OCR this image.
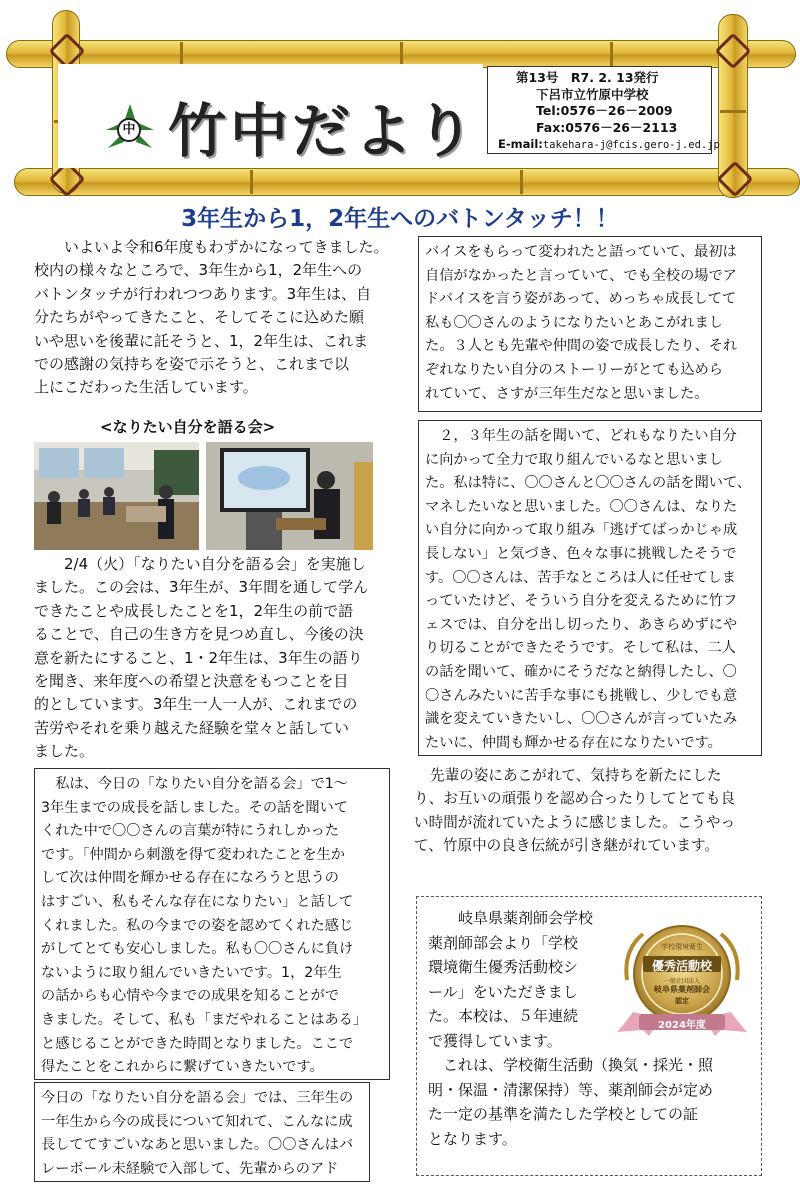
中 竹中だより
第13号　R7. 2. 13発行
下呂市立竹原中学校
Tel:0576－26－2009
Fax:0576－26－2113
E-mail:takehara-j@fcis.gero-j.ed.jp
3年生から1，2年生へのバトンタッチ！！
いよいよ令和6年度もわずかになってきました。
校内の様々なところで、3年生から1，2年生への
バトンタッチが行われつつあります。3年生は、自
分たちがやってきたこと、そしてそこに込めた願
いや思いを後輩に託そうと、1，2年生は、これま
での感謝の気持ちを姿で示そうと、これまで以
上にこだわった生活しています。
<なりたい自分を語る会>
2/4（火）「なりたい自分を語る会」を実施し
ました。この会は、3年生が、3年間を通して学ん
できたことや成長したことを1，2年生の前で語
ることで、自己の生き方を見つめ直し、今後の決
意を新たにすること、1・2年生は、3年生の語り
を聞き、来年度への希望と決意をもつことを目
的としています。3年生一人一人が、これまでの
苦労やそれを乗り越えた経験を堂々と話してい
ました。
　私は、今日の「なりたい自分を語る会」で1～
3年生までの成長を話しました。その話を聞いて
くれた中で〇〇さんの言葉が特にうれしかった
です。「仲間から刺激を得て変われたことを生か
して次は仲間を輝かせる存在になろうと思うの
はすごい、私もそんな存在になりたい」と話して
くれました。私の今までの姿を認めてくれた感じ
がしてとても安心しました。私も〇〇さんに負け
ないように取り組んでいきたいです。1，2年生
の話からも心情や今までの成果を知ることがで
きました。そして、私も「まだやれることはある」
と感じることができた時間となりました。ここで
得たことをこれからに繋げていきたいです。
今日の「なりたい自分を語る会」では、三年生の
一年生から今の成長について知れて、こんなに成
長しててすごいなあと思いました。〇〇さんはバ
レーボール未経験で入部して、先輩からのアド
バイスをもらって変われたと語っていて、最初は
自信がなかったと言っていて、でも全校の場でア
ドバイスを言う姿があって、めっちゃ成長してて
私も〇〇さんのようになりたいとあこがれまし
た。３人とも先輩や仲間の姿で成長したり、それ
ぞれなりたい自分のストーリーがとても込めら
れていて、さすが三年生だなと思いました。
　２，３年生の話を聞いて、どれもなりたい自分
に向かって全力で取り組んでいるなと思いまし
た。私は特に、〇〇さんと〇〇さんの話を聞いて、
マネしたいなと思いました。〇〇さんは、なりた
い自分に向かって取り組み「逃げてばっかじゃ成
長しない」と気づき、色々な事に挑戦したそうで
す。〇〇さんは、苦手なところは人に任せてしま
っていたけど、そういう自分を変えるために竹フ
ェスでは、自分を出し切ったり、あきらめずにや
り切ることができたそうです。そして私は、二人
の話を聞いて、確かにそうだなと納得したし、〇
〇さんみたいに苦手な事にも挑戦し、少しでも意
識を変えていきたいし、〇〇さんが言っていたみ
たいに、仲間も輝かせる存在になりたいです。
先輩の姿にあこがれて、気持ちを新たにした
り、お互いの頑張りを認め合ったりしてとても良
い時間が流れていたように感じました。こうやっ
て、竹原中の良き伝統が引き継がれています。
岐阜県薬剤師会学校
薬剤師部会より「学校
環境衛生優秀活動校シ
ール」をいただきまし
た。本校は、５年連続
で獲得しています。
　これは、学校衛生活動（換気・採光・照
明・保温・清潔保持）等、薬剤師会が定め
た一定の基準を満たした学校としての証
となります。
学校環境衛生
優秀活動校
一般社団法人
岐阜県薬剤師会
認定
2024年度
